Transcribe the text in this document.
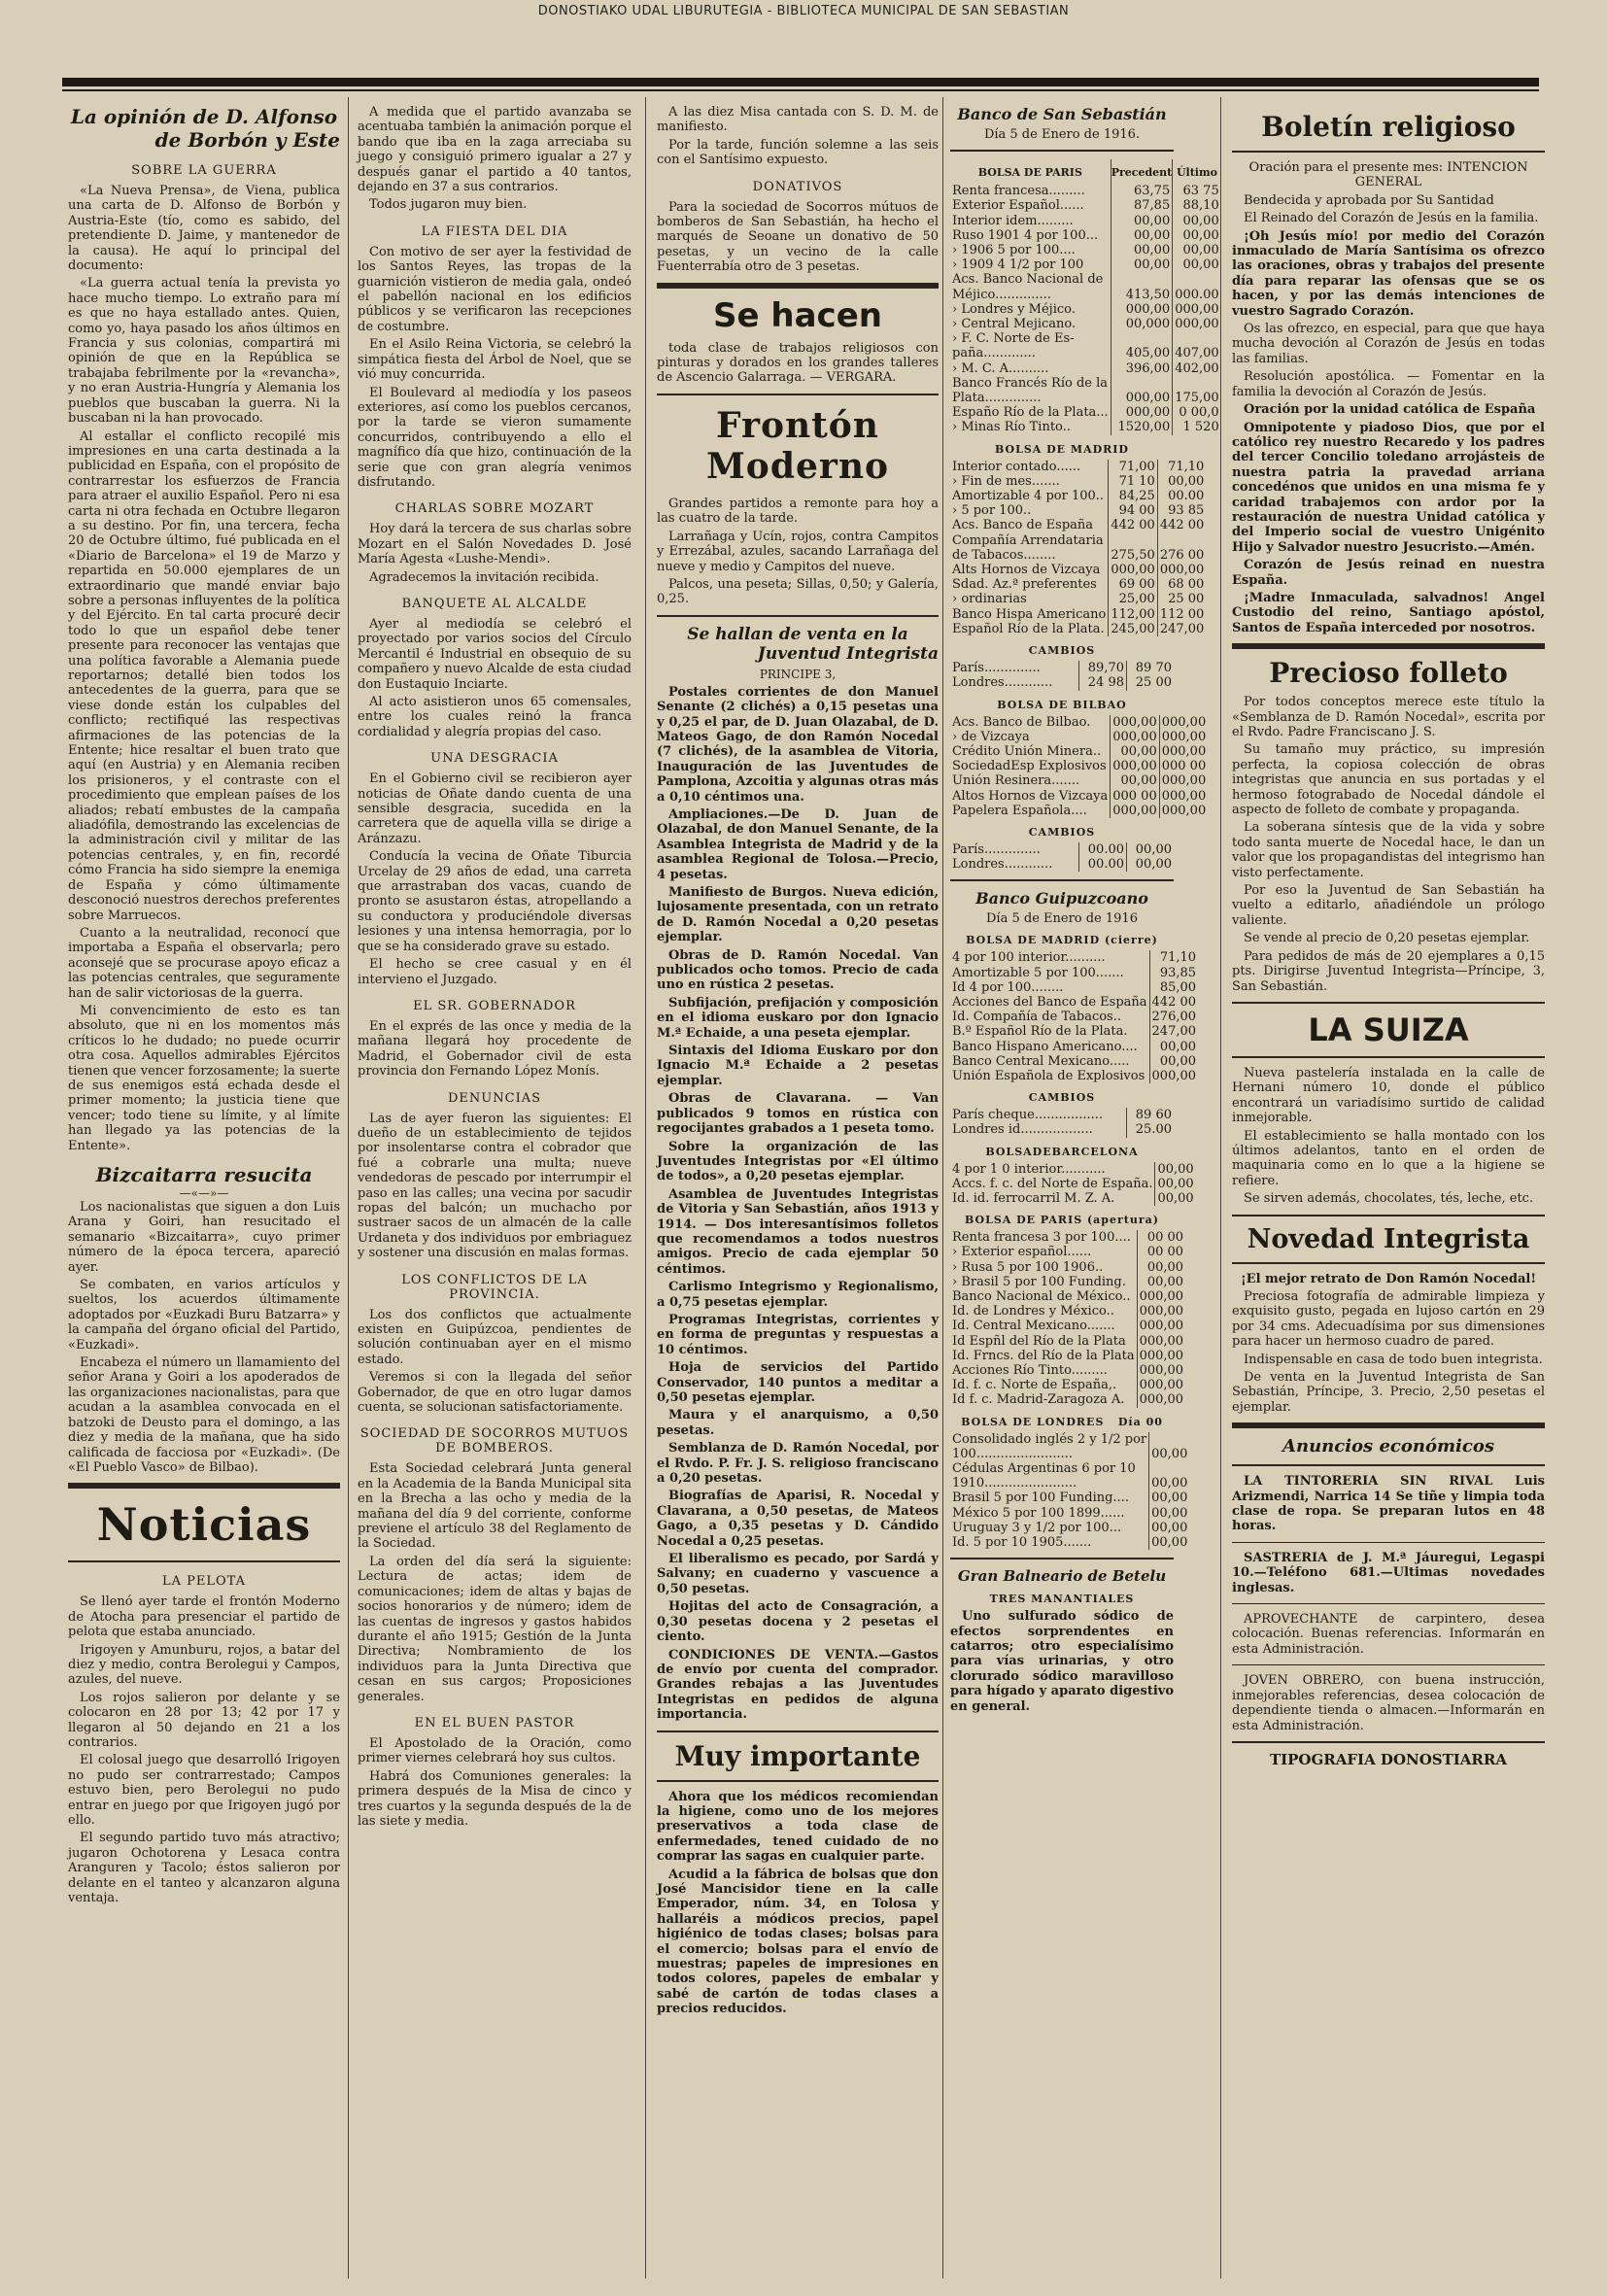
DONOSTIAKO UDAL LIBURUTEGIA - BIBLIOTECA MUNICIPAL DE SAN SEBASTIAN
La opinión de D. Alfonso
de Borbón y Este
SOBRE LA GUERRA

«La Nueva Prensa», de Viena, publica una carta de D. Alfonso de Borbón y Austria-Este (tío, como es sabido, del pretendiente D. Jaime, y mantenedor de la causa). He aquí lo principal del documento:

«La guerra actual tenía la prevista yo hace mucho tiempo. Lo extraño para mí es que no haya estallado antes. Quien, como yo, haya pasado los años últimos en Francia y sus colonias, compartirá mi opinión de que en la República se trabajaba febrilmente por la «revancha», y no eran Austria-Hungría y Alemania los pueblos que buscaban la guerra. Ni la buscaban ni la han provocado.

Al estallar el conflicto recopilé mis impresiones en una carta destinada a la publicidad en España, con el propósito de contrarrestar los esfuerzos de Francia para atraer el auxilio Español. Pero ni esa carta ni otra fechada en Octubre llegaron a su destino. Por fin, una tercera, fecha 20 de Octubre último, fué publicada en el «Diario de Barcelona» el 19 de Marzo y repartida en 50.000 ejemplares de un extraordinario que mandé enviar bajo sobre a personas influyentes de la política y del Ejército. En tal carta procuré decir todo lo que un español debe tener presente para reconocer las ventajas que una política favorable a Alemania puede reportarnos; detallé bien todos los antecedentes de la guerra, para que se viese donde están los culpables del conflicto; rectifiqué las respectivas afirmaciones de las potencias de la Entente; hice resaltar el buen trato que aquí (en Austria) y en Alemania reciben los prisioneros, y el contraste con el procedimiento que emplean países de los aliados; rebatí embustes de la campaña aliadófila, demostrando las excelencias de la administración civil y militar de las potencias centrales, y, en fin, recordé cómo Francia ha sido siempre la enemiga de España y cómo últimamente desconoció nuestros derechos preferentes sobre Marruecos.

Cuanto a la neutralidad, reconocí que importaba a España el observarla; pero aconsejé que se procurase apoyo eficaz a las potencias centrales, que seguramente han de salir victoriosas de la guerra.

Mi convencimiento de esto es tan absoluto, que ni en los momentos más críticos lo he dudado; no puede ocurrir otra cosa. Aquellos admirables Ejércitos tienen que vencer forzosamente; la suerte de sus enemigos está echada desde el primer momento; la justicia tiene que vencer; todo tiene su límite, y al límite han llegado ya las potencias de la Entente».

Bizcaitarra resucita
—«—»—

Los nacionalistas que siguen a don Luis Arana y Goiri, han resucitado el semanario «Bizcaitarra», cuyo primer número de la época tercera, apareció ayer.

Se combaten, en varios artículos y sueltos, los acuerdos últimamente adoptados por «Euzkadi Buru Batzarra» y la campaña del órgano oficial del Partido, «Euzkadi».

Encabeza el número un llamamiento del señor Arana y Goiri a los apoderados de las organizaciones nacionalistas, para que acudan a la asamblea convocada en el batzoki de Deusto para el domingo, a las diez y media de la mañana, que ha sido calificada de facciosa por «Euzkadi». (De «El Pueblo Vasco» de Bilbao).

Noticias
LA PELOTA

Se llenó ayer tarde el frontón Moderno de Atocha para presenciar el partido de pelota que estaba anunciado.

Irigoyen y Amunburu, rojos, a batar del diez y medio, contra Berolegui y Campos, azules, del nueve.

Los rojos salieron por delante y se colocaron en 28 por 13; 42 por 17 y llegaron al 50 dejando en 21 a los contrarios.

El colosal juego que desarrolló Irigoyen no pudo ser contrarrestado; Campos estuvo bien, pero Berolegui no pudo entrar en juego por que Irigoyen jugó por ello.

El segundo partido tuvo más atractivo; jugaron Ochotorena y Lesaca contra Aranguren y Tacolo; éstos salieron por delante en el tanteo y alcanzaron alguna ventaja.

A medida que el partido avanzaba se acentuaba también la animación porque el bando que iba en la zaga arreciaba su juego y consiguió primero igualar a 27 y después ganar el partido a 40 tantos, dejando en 37 a sus contrarios.

Todos jugaron muy bien.

LA FIESTA DEL DIA

Con motivo de ser ayer la festividad de los Santos Reyes, las tropas de la guarnición vistieron de media gala, ondeó el pabellón nacional en los edificios públicos y se verificaron las recepciones de costumbre.

En el Asilo Reina Victoria, se celebró la simpática fiesta del Árbol de Noel, que se vió muy concurrida.

El Boulevard al mediodía y los paseos exteriores, así como los pueblos cercanos, por la tarde se vieron sumamente concurridos, contribuyendo a ello el magnífico día que hizo, continuación de la serie que con gran alegría venimos disfrutando.

CHARLAS SOBRE MOZART

Hoy dará la tercera de sus charlas sobre Mozart en el Salón Novedades D. José María Agesta «Lushe-Mendi».

Agradecemos la invitación recibida.

BANQUETE AL ALCALDE

Ayer al mediodía se celebró el proyectado por varios socios del Círculo Mercantil é Industrial en obsequio de su compañero y nuevo Alcalde de esta ciudad don Eustaquio Inciarte.

Al acto asistieron unos 65 comensales, entre los cuales reinó la franca cordialidad y alegría propias del caso.

UNA DESGRACIA

En el Gobierno civil se recibieron ayer noticias de Oñate dando cuenta de una sensible desgracia, sucedida en la carretera que de aquella villa se dirige a Aránzazu.

Conducía la vecina de Oñate Tiburcia Urcelay de 29 años de edad, una carreta que arrastraban dos vacas, cuando de pronto se asustaron éstas, atropellando a su conductora y produciéndole diversas lesiones y una intensa hemorragia, por lo que se ha considerado grave su estado.

El hecho se cree casual y en él intervieno el Juzgado.

EL SR. GOBERNADOR

En el exprés de las once y media de la mañana llegará hoy procedente de Madrid, el Gobernador civil de esta provincia don Fernando López Monís.

DENUNCIAS

Las de ayer fueron las siguientes: El dueño de un establecimiento de tejidos por insolentarse contra el cobrador que fué a cobrarle una multa; nueve vendedoras de pescado por interrumpir el paso en las calles; una vecina por sacudir ropas del balcón; un muchacho por sustraer sacos de un almacén de la calle Urdaneta y dos individuos por embriaguez y sostener una discusión en malas formas.

LOS CONFLICTOS DE LA PROVINCIA.

Los dos conflictos que actualmente existen en Guipúzcoa, pendientes de solución continuaban ayer en el mismo estado.

Veremos si con la llegada del señor Gobernador, de que en otro lugar damos cuenta, se solucionan satisfactoriamente.

SOCIEDAD DE SOCORROS MUTUOS DE BOMBEROS.

Esta Sociedad celebrará Junta general en la Academia de la Banda Municipal sita en la Brecha a las ocho y media de la mañana del día 9 del corriente, conforme previene el artículo 38 del Reglamento de la Sociedad.

La orden del día será la siguiente: Lectura de actas; idem de comunicaciones; idem de altas y bajas de socios honorarios y de número; idem de las cuentas de ingresos y gastos habidos durante el año 1915; Gestión de la Junta Directiva; Nombramiento de los individuos para la Junta Directiva que cesan en sus cargos; Proposiciones generales.

EN EL BUEN PASTOR

El Apostolado de la Oración, como primer viernes celebrará hoy sus cultos.

Habrá dos Comuniones generales: la primera después de la Misa de cinco y tres cuartos y la segunda después de la de las siete y media.

A las diez Misa cantada con S. D. M. de manifiesto.

Por la tarde, función solemne a las seis con el Santísimo expuesto.

DONATIVOS

Para la sociedad de Socorros mútuos de bomberos de San Sebastián, ha hecho el marqués de Seoane un donativo de 50 pesetas, y un vecino de la calle Fuenterrabía otro de 3 pesetas.

Se hacen

toda clase de trabajos religiosos con pinturas y dorados en los grandes talleres de Ascencio Galarraga. — VERGARA.

Frontón Moderno

Grandes partidos a remonte para hoy a las cuatro de la tarde.

Larrañaga y Ucín, rojos, contra Campitos y Errezábal, azules, sacando Larrañaga del nueve y medio y Campitos del nueve.

Palcos, una peseta; Sillas, 0,50; y Galería, 0,25.

Se hallan de venta en la
Juventud Integrista
PRINCIPE 3,

Postales corrientes de don Manuel Senante (2 clichés) a 0,15 pesetas una y 0,25 el par, de D. Juan Olazabal, de D. Mateos Gago, de don Ramón Nocedal (7 clichés), de la asamblea de Vitoria, Inauguración de las Juventudes de Pamplona, Azcoitia y algunas otras más a 0,10 céntimos una.

Ampliaciones.—De D. Juan de Olazabal, de don Manuel Senante, de la Asamblea Integrista de Madrid y de la asamblea Regional de Tolosa.—Precio, 4 pesetas.

Manifiesto de Burgos. Nueva edición, lujosamente presentada, con un retrato de D. Ramón Nocedal a 0,20 pesetas ejemplar.

Obras de D. Ramón Nocedal. Van publicados ocho tomos. Precio de cada uno en rústica 2 pesetas.

Subfijación, prefijación y composición en el idioma euskaro por don Ignacio M.ª Echaide, a una peseta ejemplar.

Sintaxis del Idioma Euskaro por don Ignacio M.ª Echaide a 2 pesetas ejemplar.

Obras de Clavarana. — Van publicados 9 tomos en rústica con regocijantes grabados a 1 peseta tomo.

Sobre la organización de las Juventudes Integristas por «El último de todos», a 0,20 pesetas ejemplar.

Asamblea de Juventudes Integristas de Vitoria y San Sebastián, años 1913 y 1914. — Dos interesantísimos folletos que recomendamos a todos nuestros amigos. Precio de cada ejemplar 50 céntimos.

Carlismo Integrismo y Regionalismo, a 0,75 pesetas ejemplar.

Programas Integristas, corrientes y en forma de preguntas y respuestas a 10 céntimos.

Hoja de servicios del Partido Conservador, 140 puntos a meditar a 0,50 pesetas ejemplar.

Maura y el anarquismo, a 0,50 pesetas.

Semblanza de D. Ramón Nocedal, por el Rvdo. P. Fr. J. S. religioso franciscano a 0,20 pesetas.

Biografías de Aparisi, R. Nocedal y Clavarana, a 0,50 pesetas, de Mateos Gago, a 0,35 pesetas y D. Cándido Nocedal a 0,25 pesetas.

El liberalismo es pecado, por Sardá y Salvany; en cuaderno y vascuence a 0,50 pesetas.

Hojitas del acto de Consagración, a 0,30 pesetas docena y 2 pesetas el ciento.

CONDICIONES DE VENTA.—Gastos de envío por cuenta del comprador. Grandes rebajas a las Juventudes Integristas en pedidos de alguna importancia.

Muy importante

Ahora que los médicos recomiendan la higiene, como uno de los mejores preservativos a toda clase de enfermedades, tened cuidado de no comprar las sagas en cualquier parte.

Acudid a la fábrica de bolsas que don José Mancisidor tiene en la calle Emperador, núm. 34, en Tolosa y hallaréis a módicos precios, papel higiénico de todas clases; bolsas para el comercio; bolsas para el envío de muestras; papeles de impresiones en todos colores, papeles de embalar y sabé de cartón de todas clases a precios reducidos.

Banco de San Sebastián
Día 5 de Enero de 1916.
BOLSA DE PARIS	Precedent	Último
Renta francesa.........	63,75	63 75
Exterior Español......	87,85	88,10
Interior idem.........	00,00	00,00
Ruso 1901 4 por 100...	00,00	00,00
› 1906 5 por 100....	00,00	00,00
› 1909 4 1/2 por 100	00,00	00,00
Acs. Banco Nacional de		
Méjico..............	413,50	000.00
› Londres y Méjico.	000,00	000,00
› Central Mejicano.	00,000	000,00
› F. C. Norte de Es-		
paña.............	405,00	407,00
› M. C. A..........	396,00	402,00
Banco Francés Río de la		
Plata..............	000,00	175,00
Españo Río de la Plata...	000,00	0 00,0
› Minas Río Tinto..	1520,00	1 520
BOLSA DE MADRID
Interior contado......	71,00	71,10
› Fin de mes.......	71 10	00,00
Amortizable 4 por 100..	84,25	00.00
› 5 por 100..	94 00	93 85
Acs. Banco de España	442 00	442 00
Compañía Arrendataria		
de Tabacos........	275,50	276 00
Alts Hornos de Vizcaya	000,00	000,00
Sdad. Az.ª preferentes	69 00	68 00
› ordinarias	25,00	25 00
Banco Hispa Americano	112,00	112 00
Español Río de la Plata.	245,00	247,00
CAMBIOS
París..............	89,70	89 70
Londres............	24 98	25 00
BOLSA DE BILBAO
Acs. Banco de Bilbao.	000,00	000,00
› de Vizcaya	000,00	000,00
Crédito Unión Minera..	00,00	000,00
SociedadEsp Explosivos	000,00	000 00
Unión Resinera.......	00,00	000,00
Altos Hornos de Vizcaya	000 00	000,00
Papelera Española....	000,00	000,00
CAMBIOS
París..............	00.00	00,00
Londres............	00.00	00,00
Banco Guipuzcoano
Día 5 de Enero de 1916
BOLSA DE MADRID (cierre)
4 por 100 interior..........	71,10
Amortizable 5 por 100.......	93,85
Id 4 por 100........	85,00
Acciones del Banco de España	442 00
Id. Compañía de Tabacos..	276,00
B.º Español Río de la Plata.	247,00
Banco Hispano Americano....	00,00
Banco Central Mexicano.....	00,00
Unión Española de Explosivos	000,00
CAMBIOS
París cheque.................	89 60
Londres id..................	25.00
BOLSADEBARCELONA
4 por 1 0 interior...........	00,00
Accs. f. c. del Norte de España.	00,00
Id. id. ferrocarril M. Z. A.	00,00
BOLSA DE PARIS (apertura)
Renta francesa 3 por 100....	00 00
› Exterior español......	00 00
› Rusa 5 por 100 1906..	00,00
› Brasil 5 por 100 Funding.	00,00
Banco Nacional de México..	000,00
Id. de Londres y México..	000,00
Id. Central Mexicano.......	000,00
Id Espñl del Río de la Plata	000,00
Id. Frncs. del Río de la Plata	000,00
Acciones Río Tinto.........	000,00
Id. f. c. Norte de España,.	000,00
Id f. c. Madrid-Zaragoza A.	000,00
BOLSA DE LONDRES Día 00
Consolidado inglés 2 y 1/2 por	
100........................	00,00
Cédulas Argentinas 6 por 10	
1910.......................	00,00
Brasil 5 por 100 Funding....	00,00
México 5 por 100 1899......	00,00
Uruguay 3 y 1/2 por 100...	00,00
Id. 5 por 10 1905.......	00,00
Gran Balneario de Betelu
TRES MANANTIALES

Uno sulfurado sódico de efectos sorprendentes en catarros; otro especialísimo para vías urinarias, y otro clorurado sódico maravilloso para hígado y aparato digestivo en general.

Boletín religioso

Oración para el presente mes: INTENCION GENERAL

Bendecida y aprobada por Su Santidad

El Reinado del Corazón de Jesús en la familia.

¡Oh Jesús mío! por medio del Corazón inmaculado de María Santísima os ofrezco las oraciones, obras y trabajos del presente día para reparar las ofensas que se os hacen, y por las demás intenciones de vuestro Sagrado Corazón.

Os las ofrezco, en especial, para que que haya mucha devoción al Corazón de Jesús en todas las familias.

Resolución apostólica. — Fomentar en la familia la devoción al Corazón de Jesús.

Oración por la unidad católica de España

Omnipotente y piadoso Dios, que por el católico rey nuestro Recaredo y los padres del tercer Concilio toledano arrojásteis de nuestra patria la pravedad arriana concedénos que unidos en una misma fe y caridad trabajemos con ardor por la restauración de nuestra Unidad católica y del Imperio social de vuestro Unigénito Hijo y Salvador nuestro Jesucristo.—Amén.

Corazón de Jesús reinad en nuestra España.

¡Madre Inmaculada, salvadnos! Angel Custodio del reino, Santiago apóstol, Santos de España interceded por nosotros.

Precioso folleto

Por todos conceptos merece este título la «Semblanza de D. Ramón Nocedal», escrita por el Rvdo. Padre Franciscano J. S.

Su tamaño muy práctico, su impresión perfecta, la copiosa colección de obras integristas que anuncia en sus portadas y el hermoso fotograbado de Nocedal dándole el aspecto de folleto de combate y propaganda.

La soberana síntesis que de la vida y sobre todo santa muerte de Nocedal hace, le dan un valor que los propagandistas del integrismo han visto perfectamente.

Por eso la Juventud de San Sebastián ha vuelto a editarlo, añadiéndole un prólogo valiente.

Se vende al precio de 0,20 pesetas ejemplar.

Para pedidos de más de 20 ejemplares a 0,15 pts. Dirigirse Juventud Integrista—Príncipe, 3, San Sebastián.

LA SUIZA

Nueva pastelería instalada en la calle de Hernani número 10, donde el público encontrará un variadísimo surtido de calidad inmejorable.

El establecimiento se halla montado con los últimos adelantos, tanto en el orden de maquinaria como en lo que a la higiene se refiere.

Se sirven además, chocolates, tés, leche, etc.

Novedad Integrista

¡El mejor retrato de Don Ramón Nocedal!

Preciosa fotografía de admirable limpieza y exquisito gusto, pegada en lujoso cartón en 29 por 34 cms. Adecuadísima por sus dimensiones para hacer un hermoso cuadro de pared.

Indispensable en casa de todo buen integrista.

De venta en la Juventud Integrista de San Sebastián, Príncipe, 3. Precio, 2,50 pesetas el ejemplar.

Anuncios económicos

LA TINTORERIA SIN RIVAL Luis Arizmendi, Narrica 14 Se tiñe y limpia toda clase de ropa. Se preparan lutos en 48 horas.

SASTRERIA de J. M.ª Jáuregui, Legaspi 10.—Teléfono 681.—Ultimas novedades inglesas.

APROVECHANTE de carpintero, desea colocación. Buenas referencias. Informarán en esta Administración.

JOVEN OBRERO, con buena instrucción, inmejorables referencias, desea colocación de dependiente tienda o almacen.—Informarán en esta Administración.

TIPOGRAFIA DONOSTIARRA
